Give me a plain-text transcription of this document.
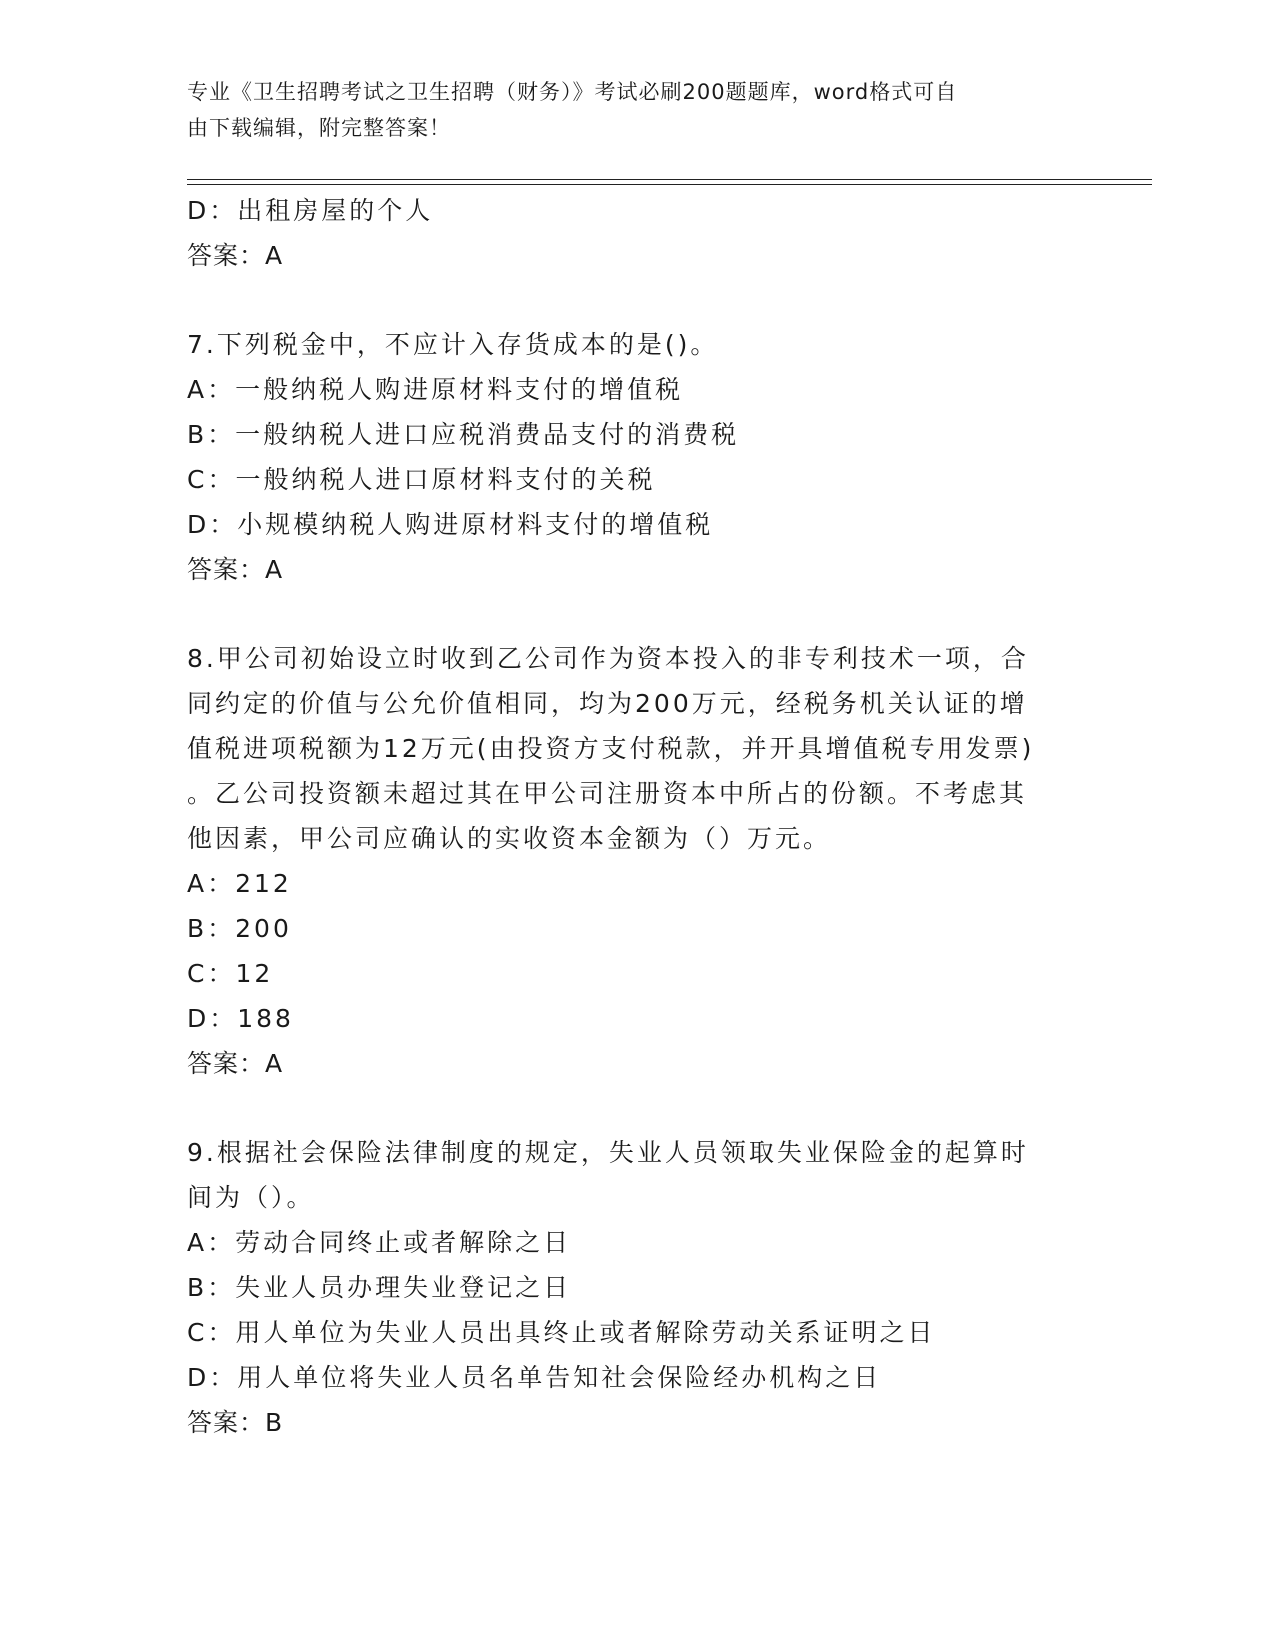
专业《卫生招聘考试之卫生招聘（财务）》考试必刷200题题库，word格式可自
由下载编辑，附完整答案！
D：出租房屋的个人
答案：A
7.下列税金中，不应计入存货成本的是()。
A：一般纳税人购进原材料支付的增值税
B：一般纳税人进口应税消费品支付的消费税
C：一般纳税人进口原材料支付的关税
D：小规模纳税人购进原材料支付的增值税
答案：A
8.甲公司初始设立时收到乙公司作为资本投入的非专利技术一项，合
同约定的价值与公允价值相同，均为200万元，经税务机关认证的增
值税进项税额为12万元(由投资方支付税款，并开具增值税专用发票)
。乙公司投资额未超过其在甲公司注册资本中所占的份额。不考虑其
他因素，甲公司应确认的实收资本金额为（）万元。
A：212
B：200
C：12
D：188
答案：A
9.根据社会保险法律制度的规定，失业人员领取失业保险金的起算时
间为（）。
A：劳动合同终止或者解除之日
B：失业人员办理失业登记之日
C：用人单位为失业人员出具终止或者解除劳动关系证明之日
D：用人单位将失业人员名单告知社会保险经办机构之日
答案：B
